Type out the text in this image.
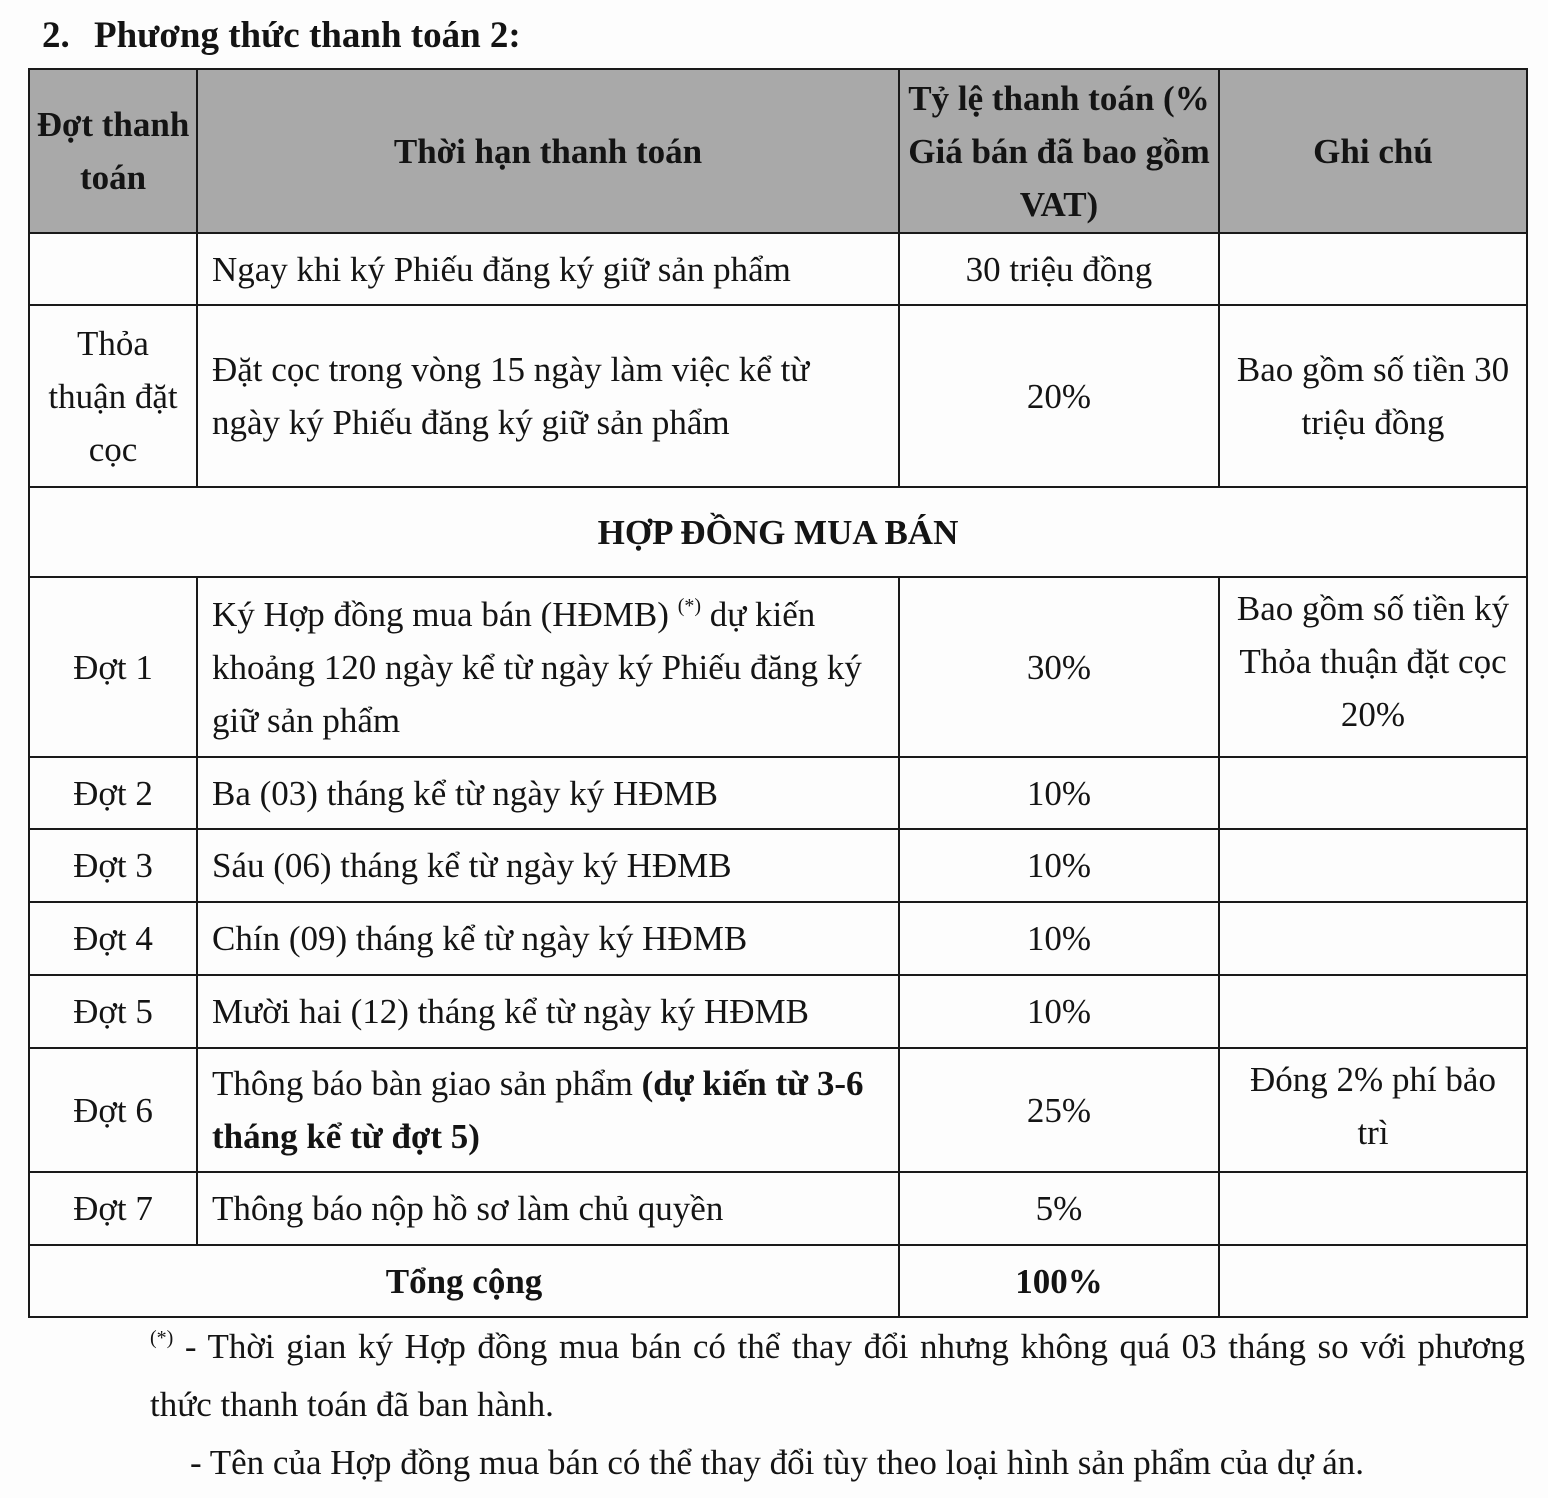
2. Phương thức thanh toán 2:
Đợt thanh toán	Thời hạn thanh toán	Tỷ lệ thanh toán (% Giá bán đã bao gồm VAT)	Ghi chú
	Ngay khi ký Phiếu đăng ký giữ sản phẩm	30 triệu đồng	
Thỏa thuận đặt cọc	Đặt cọc trong vòng 15 ngày làm việc kể từ ngày ký Phiếu đăng ký giữ sản phẩm	20%	Bao gồm số tiền 30 triệu đồng
HỢP ĐỒNG MUA BÁN			
Đợt 1	Ký Hợp đồng mua bán (HĐMB) (*) dự kiến khoảng 120 ngày kể từ ngày ký Phiếu đăng ký giữ sản phẩm	30%	Bao gồm số tiền ký Thỏa thuận đặt cọc 20%
Đợt 2	Ba (03) tháng kể từ ngày ký HĐMB	10%	
Đợt 3	Sáu (06) tháng kể từ ngày ký HĐMB	10%	
Đợt 4	Chín (09) tháng kể từ ngày ký HĐMB	10%	
Đợt 5	Mười hai (12) tháng kể từ ngày ký HĐMB	10%	
Đợt 6	Thông báo bàn giao sản phẩm (dự kiến từ 3-6 tháng kể từ đợt 5)	25%	Đóng 2% phí bảo trì
Đợt 7	Thông báo nộp hồ sơ làm chủ quyền	5%	
Tổng cộng		100%	

(*) - Thời gian ký Hợp đồng mua bán có thể thay đổi nhưng không quá 03 tháng so với phương thức thanh toán đã ban hành.

- Tên của Hợp đồng mua bán có thể thay đổi tùy theo loại hình sản phẩm của dự án.
